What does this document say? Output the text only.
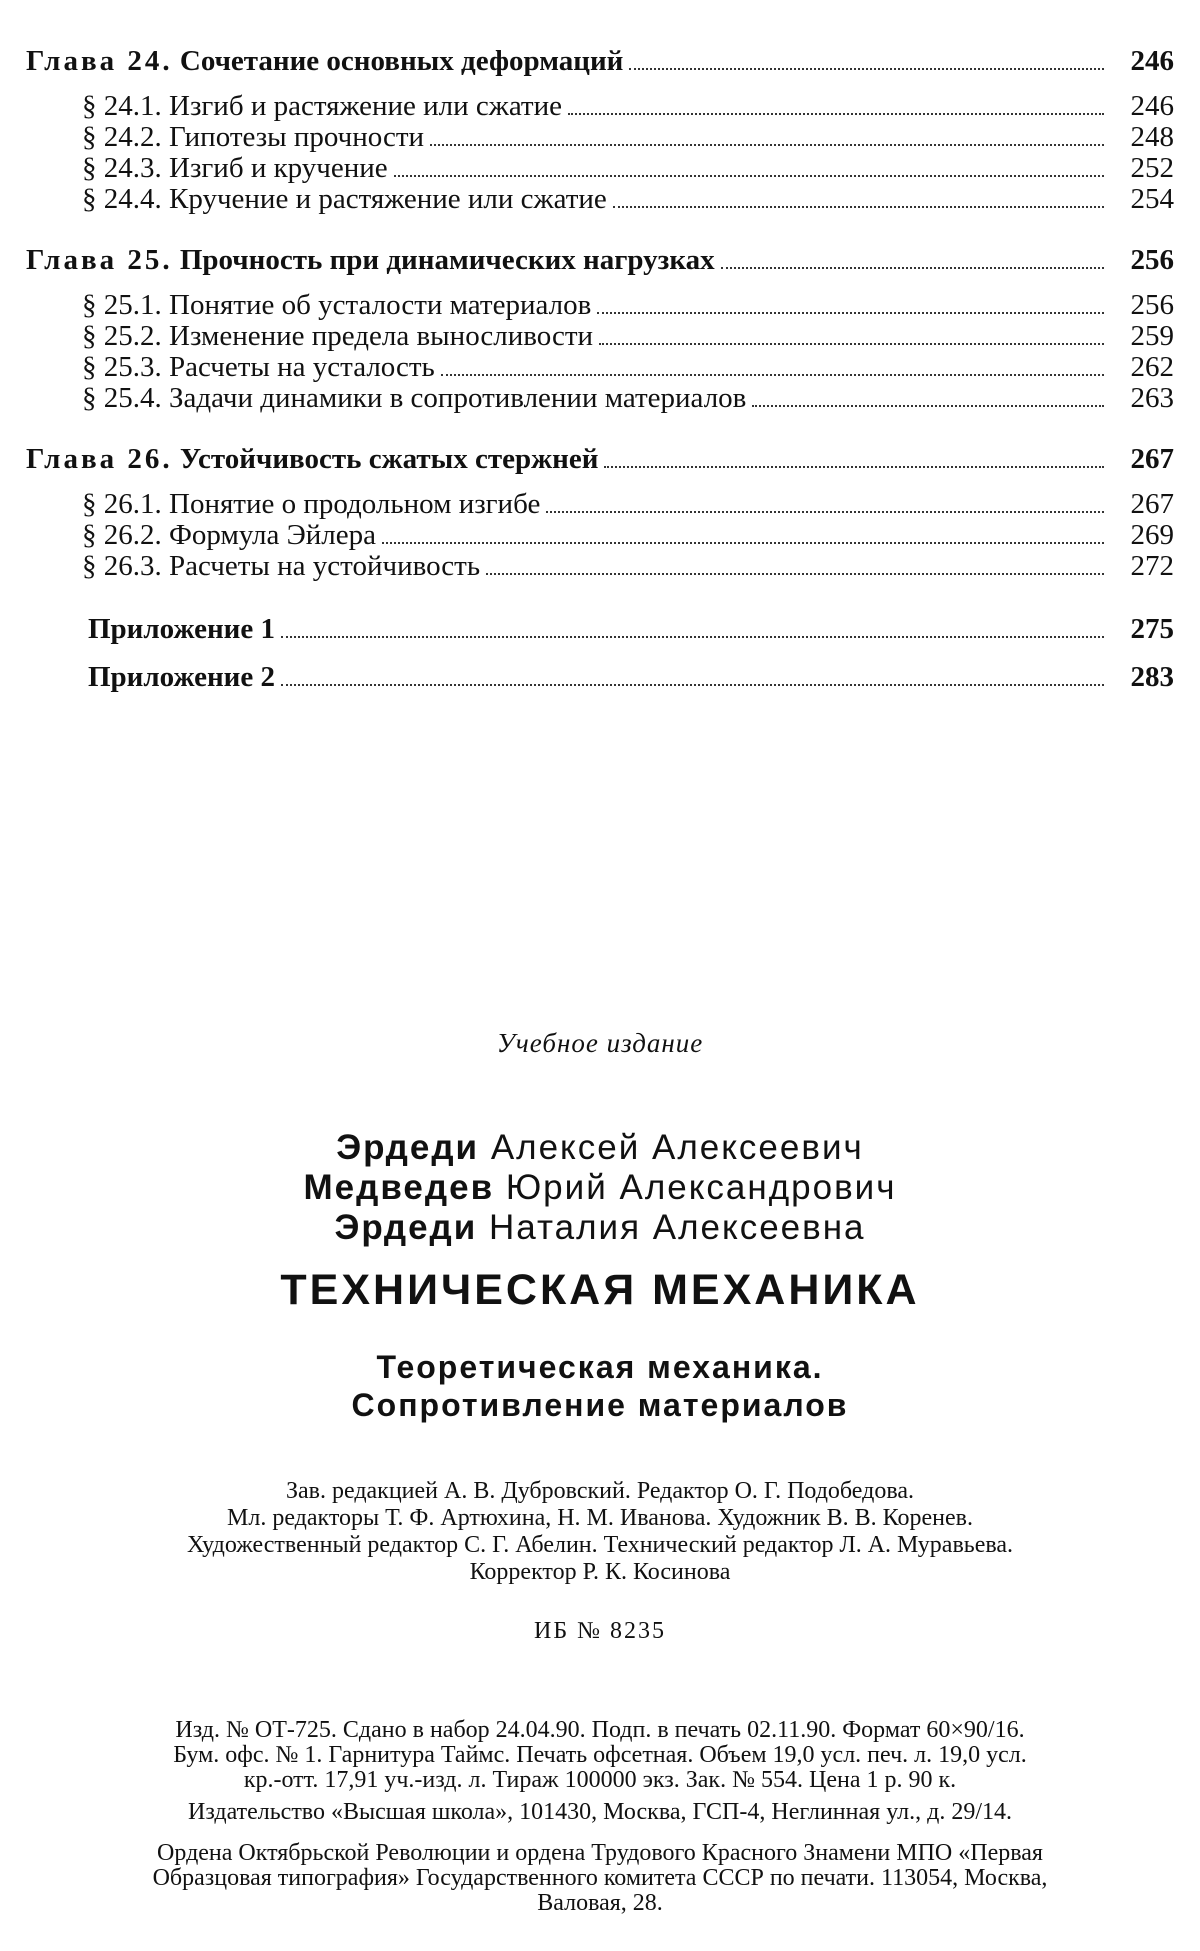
Глава 24. Сочетание основных деформаций	246
§ 24.1. Изгиб и растяжение или сжатие	246
§ 24.2. Гипотезы прочности	248
§ 24.3. Изгиб и кручение	252
§ 24.4. Кручение и растяжение или сжатие	254
Глава 25. Прочность при динамических нагрузках	256
§ 25.1. Понятие об усталости материалов	256
§ 25.2. Изменение предела выносливости	259
§ 25.3. Расчеты на усталость	262
§ 25.4. Задачи динамики в сопротивлении материалов	263
Глава 26. Устойчивость сжатых стержней	267
§ 26.1. Понятие о продольном изгибе	267
§ 26.2. Формула Эйлера	269
§ 26.3. Расчеты на устойчивость	272
Приложение 1	275
Приложение 2	283
Учебное издание
Эрдеди Алексей Алексеевич
Медведев Юрий Александрович
Эрдеди Наталия Алексеевна
ТЕХНИЧЕСКАЯ МЕХАНИКА
Теоретическая механика.
Сопротивление материалов
Зав. редакцией А. В. Дубровский. Редактор О. Г. Подобедова.
Мл. редакторы Т. Ф. Артюхина, Н. М. Иванова. Художник В. В. Коренев.
Художественный редактор С. Г. Абелин. Технический редактор Л. А. Муравьева.
Корректор Р. К. Косинова
ИБ № 8235
Изд. № ОТ-725. Сдано в набор 24.04.90. Подп. в печать 02.11.90. Формат 60×90/16.
Бум. офс. № 1. Гарнитура Таймс. Печать офсетная. Объем 19,0 усл. печ. л. 19,0 усл.
кр.-отт. 17,91 уч.-изд. л. Тираж 100000 экз. Зак. № 554. Цена 1 р. 90 к.
Издательство «Высшая школа», 101430, Москва, ГСП-4, Неглинная ул., д. 29/14.
Ордена Октябрьской Революции и ордена Трудового Красного Знамени МПО «Первая
Образцовая типография» Государственного комитета СССР по печати. 113054, Москва,
Валовая, 28.
